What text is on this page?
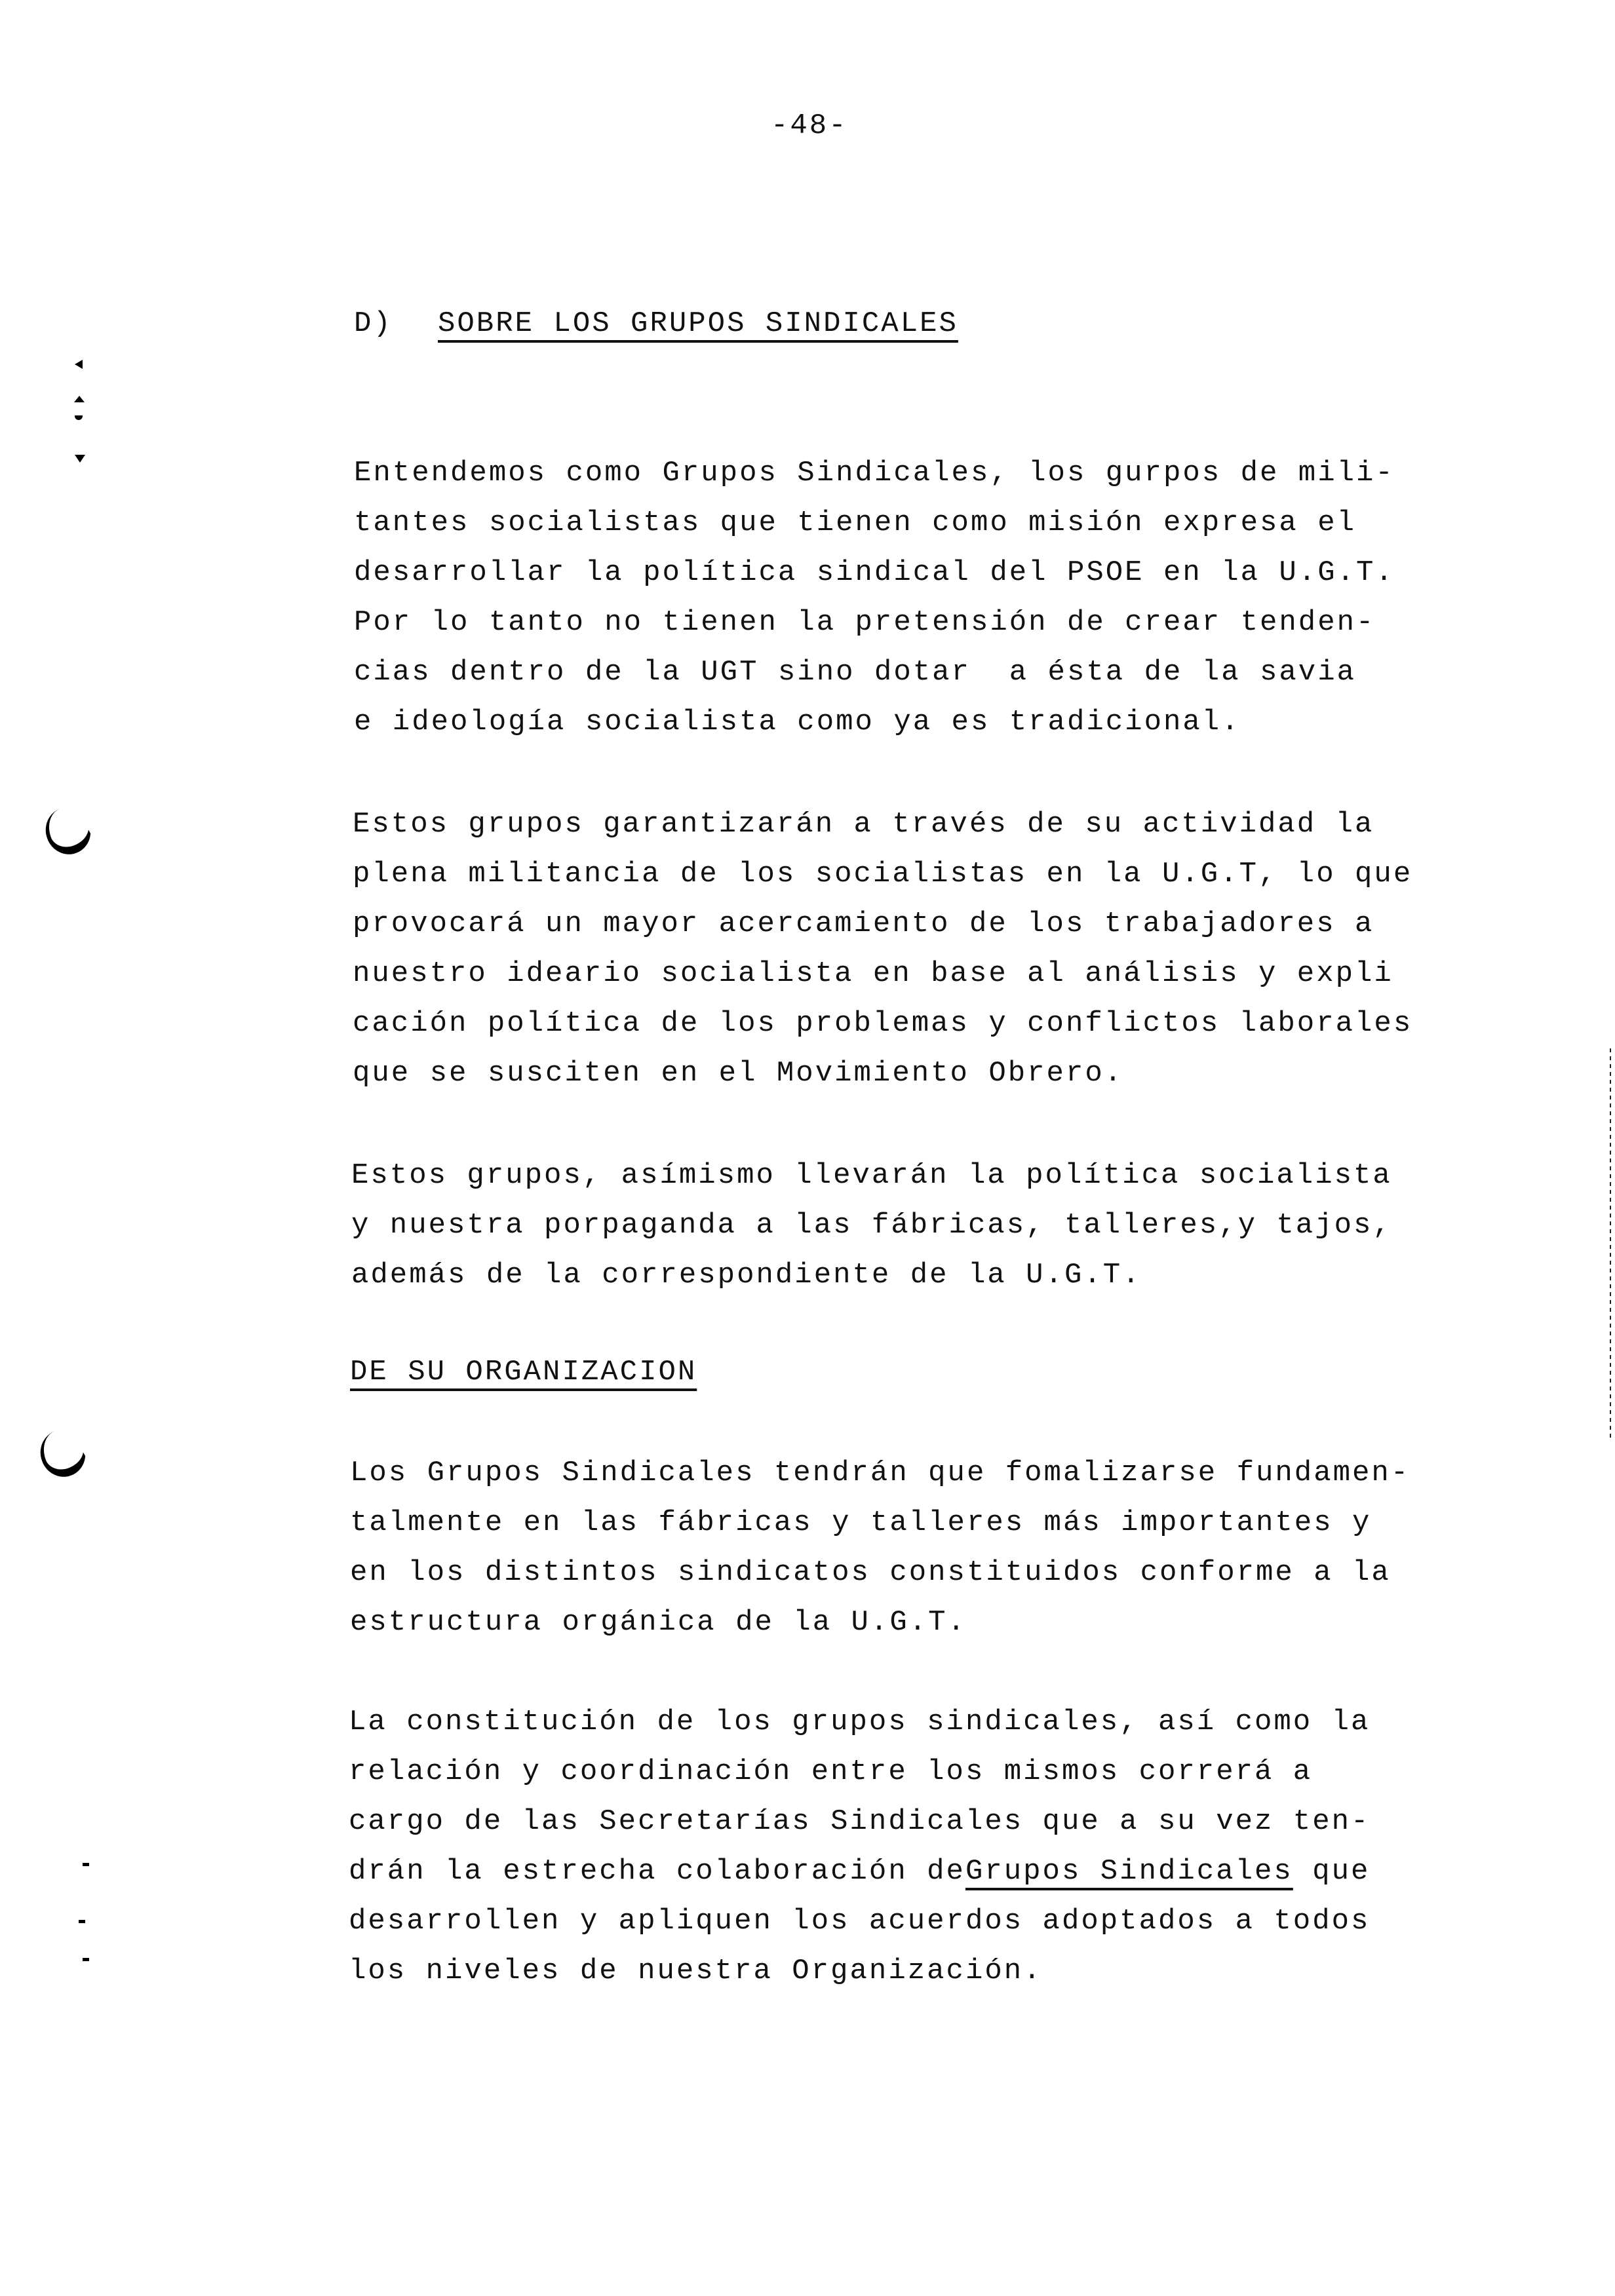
-48-
D) SOBRE LOS GRUPOS SINDICALES
Entendemos como Grupos Sindicales, los gurpos de mili-
tantes socialistas que tienen como misión expresa el
desarrollar la política sindical del PSOE en la U.G.T.
Por lo tanto no tienen la pretensión de crear tenden-
cias dentro de la UGT sino dotar  a ésta de la savia
e ideología socialista como ya es tradicional.
Estos grupos garantizarán a través de su actividad la
plena militancia de los socialistas en la U.G.T, lo que
provocará un mayor acercamiento de los trabajadores a
nuestro ideario socialista en base al análisis y expli
cación política de los problemas y conflictos laborales
que se susciten en el Movimiento Obrero.
Estos grupos, asímismo llevarán la política socialista
y nuestra porpaganda a las fábricas, talleres,y tajos,
además de la correspondiente de la U.G.T.
DE SU ORGANIZACION
Los Grupos Sindicales tendrán que fomalizarse fundamen-
talmente en las fábricas y talleres más importantes y
en los distintos sindicatos constituidos conforme a la
estructura orgánica de la U.G.T.
La constitución de los grupos sindicales, así como la
relación y coordinación entre los mismos correrá a
cargo de las Secretarías Sindicales que a su vez ten-
drán la estrecha colaboración deGrupos Sindicales que
desarrollen y apliquen los acuerdos adoptados a todos
los niveles de nuestra Organización.
